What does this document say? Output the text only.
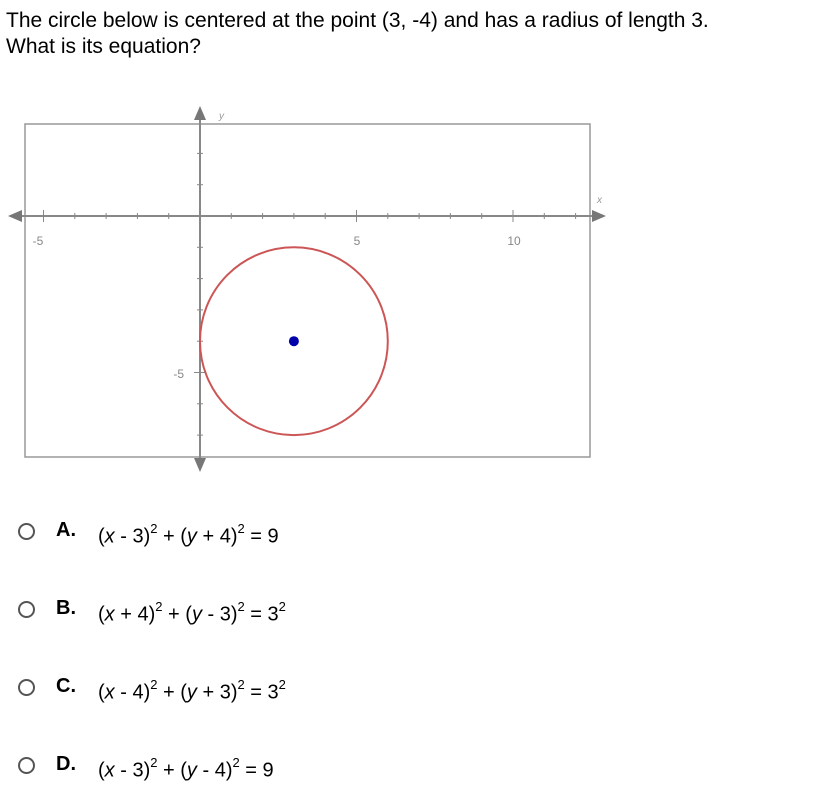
The circle below is centered at the point (3, -4) and has a radius of length 3.
What is its equation?
x
y
-5	5	10
-5
A. $(x - 3)^2 + (y + 4)^2 = 9$
B. $(x + 4)^2 + (y - 3)^2 = 3^2$
C. $(x - 4)^2 + (y + 3)^2 = 3^2$
D. (x - 3)$^2$ + (y - 4)$^2$ = 9
